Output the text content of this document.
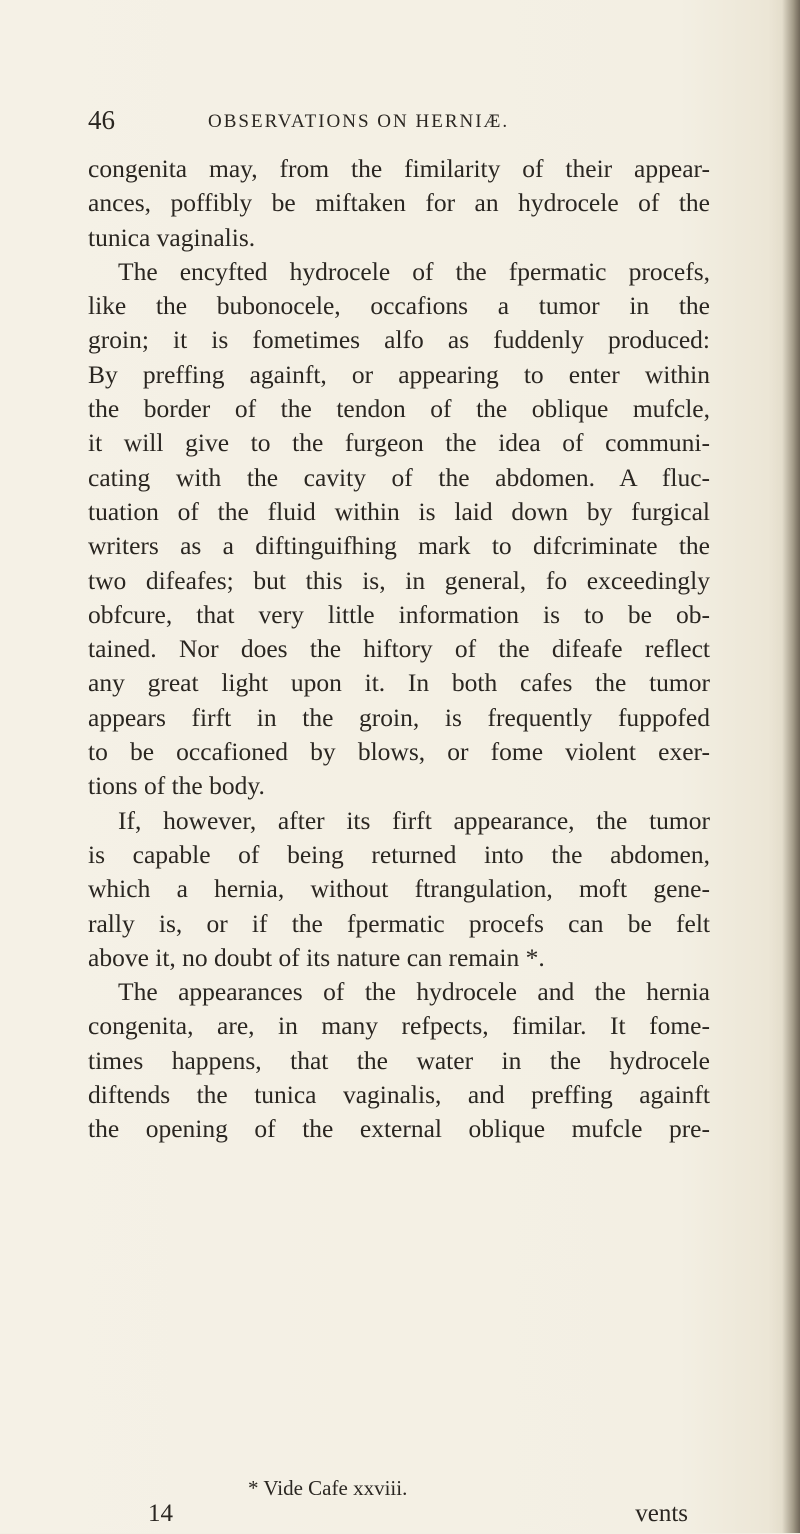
46	OBSERVATIONS ON HERNIÆ.
congenita may, from the fimilarity of their appear-
ances, poffibly be miftaken for an hydrocele of the
tunica vaginalis.
The encyfted hydrocele of the fpermatic procefs,
like the bubonocele, occafions a tumor in the
groin; it is fometimes alfo as fuddenly produced:
By preffing againft, or appearing to enter within
the border of the tendon of the oblique mufcle,
it will give to the furgeon the idea of communi-
cating with the cavity of the abdomen. A fluc-
tuation of the fluid within is laid down by furgical
writers as a diftinguifhing mark to difcriminate the
two difeafes; but this is, in general, fo exceedingly
obfcure, that very little information is to be ob-
tained. Nor does the hiftory of the difeafe reflect
any great light upon it. In both cafes the tumor
appears firft in the groin, is frequently fuppofed
to be occafioned by blows, or fome violent exer-
tions of the body.
If, however, after its firft appearance, the tumor
is capable of being returned into the abdomen,
which a hernia, without ftrangulation, moft gene-
rally is, or if the fpermatic procefs can be felt
above it, no doubt of its nature can remain *.
The appearances of the hydrocele and the hernia
congenita, are, in many refpects, fimilar. It fome-
times happens, that the water in the hydrocele
diftends the tunica vaginalis, and preffing againft
the opening of the external oblique mufcle pre-
* Vide Cafe xxviii.
14	vents
